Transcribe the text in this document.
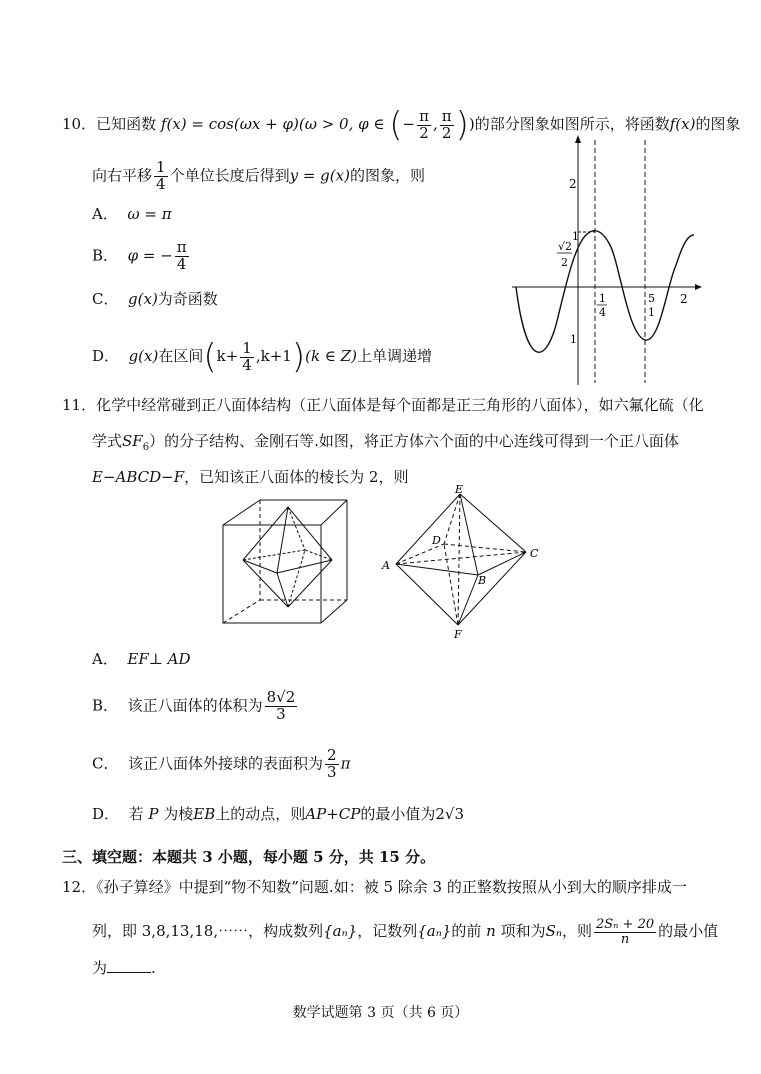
10．已知函数 f(x) = cos(ωx + φ)(ω > 0, φ ∈ (− $\frac{\pi}{2}$ , $\frac{\pi}{2}$ ))的部分图象如图所示，将函数f(x)的图象
向右平移 $\frac{1}{4}$ 个单位长度后得到y = g(x)的图象，则
A． ω = π
B． φ = − $\frac{\pi}{4}$
C． g(x)为奇函数
D． g(x)在区间$(k+ \frac{1}{4} ,k+1)(k$ ∈ Z)上单调递增
2
1
1
√2
2
1
4
5
1
2
11．化学中经常碰到正八面体结构（正八面体是每个面都是正三角形的八面体），如六氟化硫（化
学式$SF_6$）的分子结构、金刚石等.如图，将正方体六个面的中心连线可得到一个正八面体
E−ABCD−F，已知该正八面体的棱长为 2，则
E
A
B
C
D
F
A． EF⊥ AD
B． 该正八面体的体积为 $\frac{8√2}{3}$
C． 该正八面体外接球的表面积为 $\frac{2}{3}$ π
D． 若 P 为棱EB上的动点，则AP+CP的最小值为2√3
三、填空题：本题共 3 小题，每小题 5 分，共 15 分。
12．《孙子算经》中提到“物不知数”问题.如：被 5 除余 3 的正整数按照从小到大的顺序排成一
列，即 3,8,13,18,⋯⋯，构成数列{aₙ}，记数列{aₙ}的前 n 项和为Sₙ，则 $\frac{\text{2Sₙ + 20}}{n}$ 的最小值
为	.
数学试题第 3 页（共 6 页）
